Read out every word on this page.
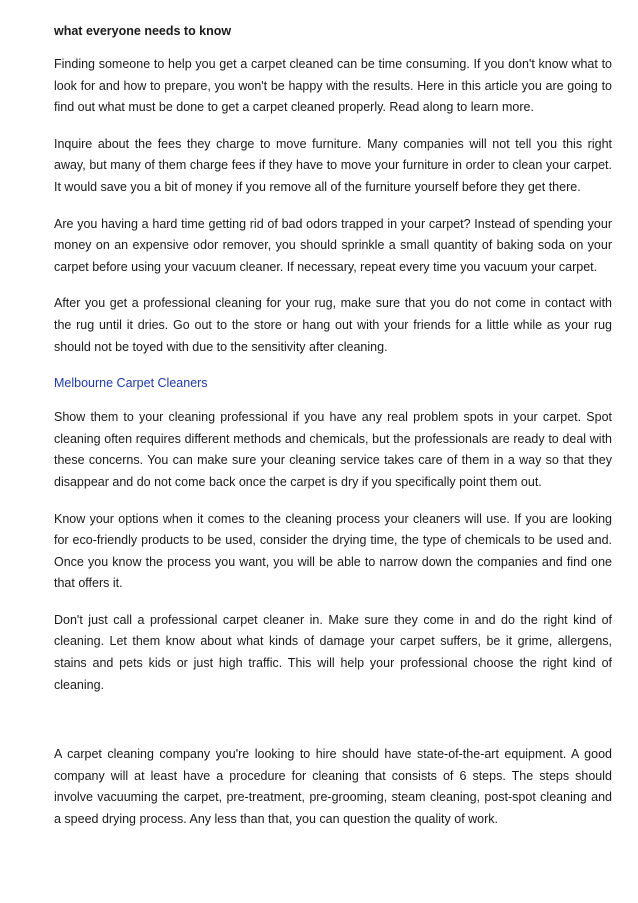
what everyone needs to know

Finding someone to help you get a carpet cleaned can be time consuming. If you don't know what to look for and how to prepare, you won't be happy with the results. Here in this article you are going to find out what must be done to get a carpet cleaned properly. Read along to learn more.

Inquire about the fees they charge to move furniture. Many companies will not tell you this right away, but many of them charge fees if they have to move your furniture in order to clean your carpet. It would save you a bit of money if you remove all of the furniture yourself before they get there.

Are you having a hard time getting rid of bad odors trapped in your carpet? Instead of spending your money on an expensive odor remover, you should sprinkle a small quantity of baking soda on your carpet before using your vacuum cleaner. If necessary, repeat every time you vacuum your carpet.

After you get a professional cleaning for your rug, make sure that you do not come in contact with the rug until it dries. Go out to the store or hang out with your friends for a little while as your rug should not be toyed with due to the sensitivity after cleaning.

Melbourne Carpet Cleaners

Show them to your cleaning professional if you have any real problem spots in your carpet. Spot cleaning often requires different methods and chemicals, but the professionals are ready to deal with these concerns. You can make sure your cleaning service takes care of them in a way so that they disappear and do not come back once the carpet is dry if you specifically point them out.

Know your options when it comes to the cleaning process your cleaners will use. If you are looking for eco-friendly products to be used, consider the drying time, the type of chemicals to be used and. Once you know the process you want, you will be able to narrow down the companies and find one that offers it.

Don't just call a professional carpet cleaner in. Make sure they come in and do the right kind of cleaning. Let them know about what kinds of damage your carpet suffers, be it grime, allergens, stains and pets kids or just high traffic. This will help your professional choose the right kind of cleaning.

A carpet cleaning company you're looking to hire should have state-of-the-art equipment. A good company will at least have a procedure for cleaning that consists of 6 steps. The steps should involve vacuuming the carpet, pre-treatment, pre-grooming, steam cleaning, post-spot cleaning and a speed drying process. Any less than that, you can question the quality of work.
